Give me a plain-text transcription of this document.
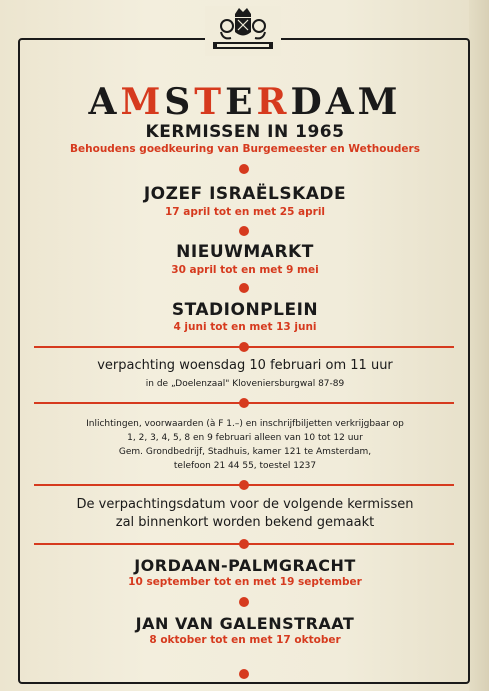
AMSTERDAM
KERMISSEN IN 1965
Behoudens goedkeuring van Burgemeester en Wethouders
JOZEF ISRAËLSKADE
17 april tot en met 25 april
NIEUWMARKT
30 april tot en met 9 mei
STADIONPLEIN
4 juni tot en met 13 juni
verpachting woensdag 10 februari om 11 uur
in de „Doelenzaal" Kloveniersburgwal 87-89
Inlichtingen, voorwaarden (à F 1.–) en inschrijfbiljetten verkrijgbaar op
1, 2, 3, 4, 5, 8 en 9 februari alleen van 10 tot 12 uur
Gem. Grondbedrijf, Stadhuis, kamer 121 te Amsterdam,
telefoon 21 44 55, toestel 1237
De verpachtingsdatum voor de volgende kermissen
zal binnenkort worden bekend gemaakt
JORDAAN-PALMGRACHT
10 september tot en met 19 september
JAN VAN GALENSTRAAT
8 oktober tot en met 17 oktober
